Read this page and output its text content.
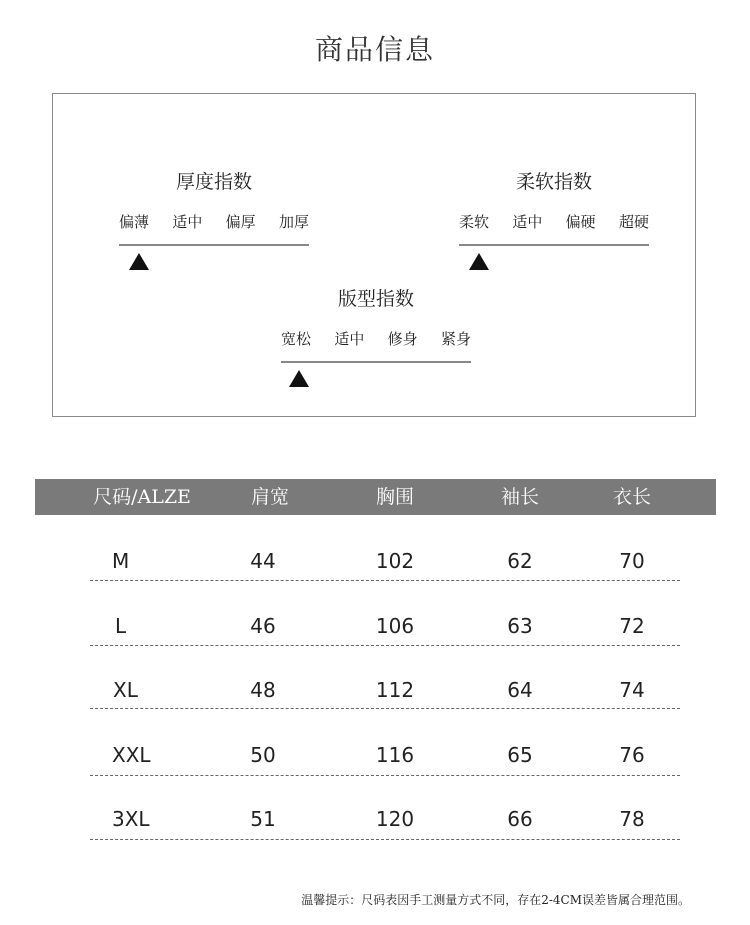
商品信息
厚度指数
偏薄 适中 偏厚 加厚
柔软指数
柔软 适中 偏硬 超硬
版型指数
宽松 适中 修身 紧身
尺码/ALZE	肩宽	胸围	袖长	衣长
M	44	102	62	70
L	46	106	63	72
XL	48	112	64	74
XXL	50	116	65	76
3XL	51	120	66	78
温馨提示：尺码表因手工测量方式不同，存在2-4CM误差皆属合理范围。
